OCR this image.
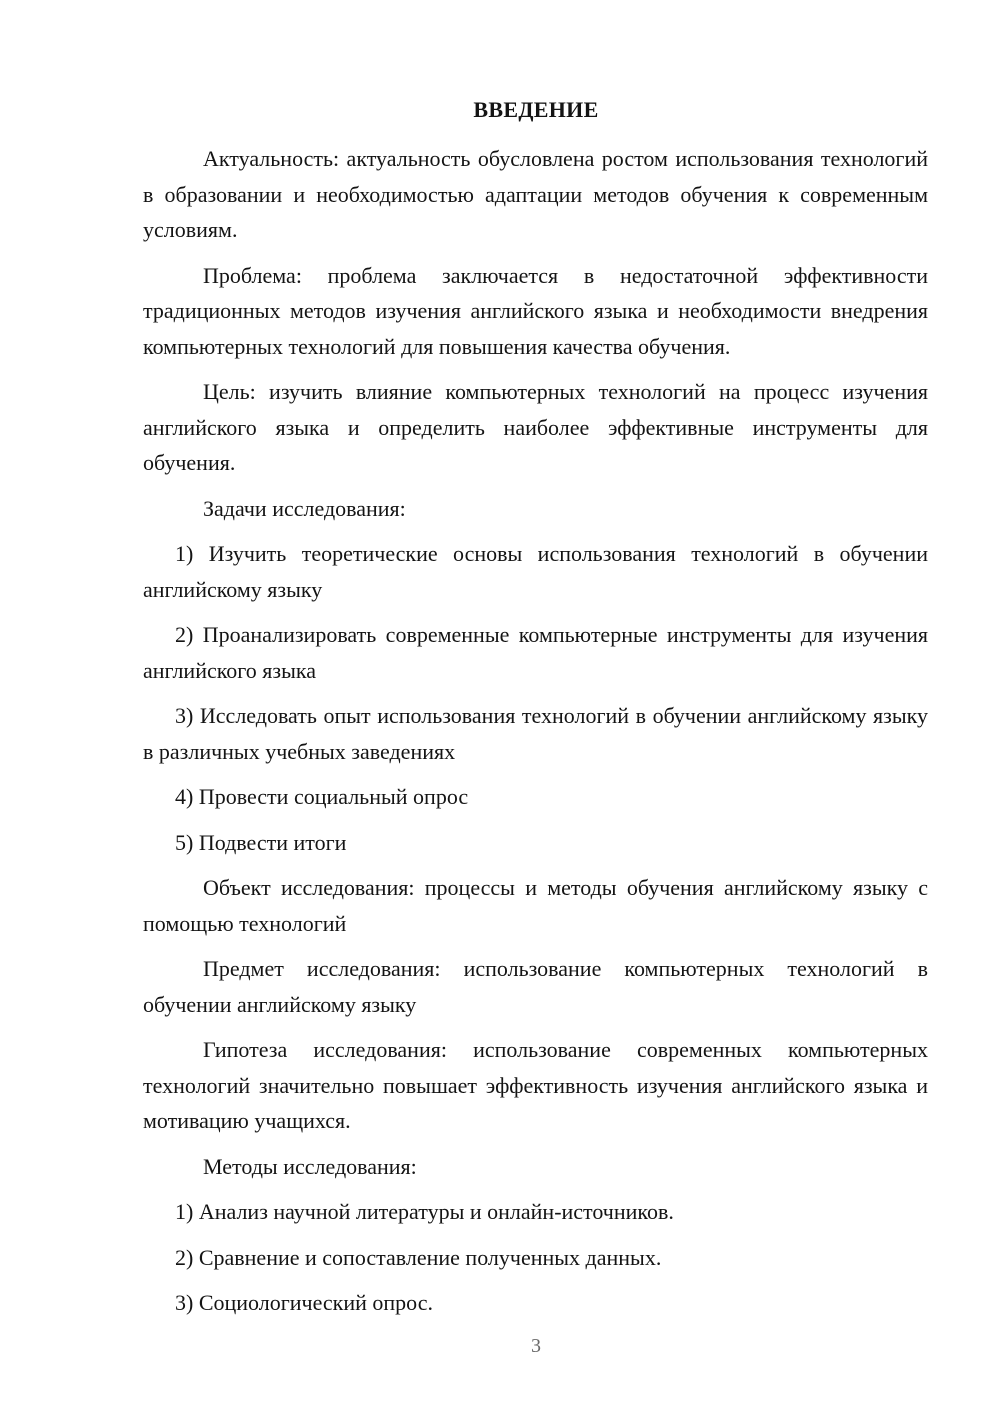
ВВЕДЕНИЕ

Актуальность: актуальность обусловлена ростом использования технологий в образовании и необходимостью адаптации методов обучения к современным условиям.

Проблема: проблема заключается в недостаточной эффективности традиционных методов изучения английского языка и необходимости внедрения компьютерных технологий для повышения качества обучения.

Цель: изучить влияние компьютерных технологий на процесс изучения английского языка и определить наиболее эффективные инструменты для обучения.

Задачи исследования:

1) Изучить теоретические основы использования технологий в обучении английскому языку

2) Проанализировать современные компьютерные инструменты для изучения английского языка

3) Исследовать опыт использования технологий в обучении английскому языку в различных учебных заведениях

4) Провести социальный опрос

5) Подвести итоги

Объект исследования: процессы и методы обучения английскому языку с помощью технологий

Предмет исследования: использование компьютерных технологий в обучении английскому языку

Гипотеза исследования: использование современных компьютерных технологий значительно повышает эффективность изучения английского языка и мотивацию учащихся.

Методы исследования:

1) Анализ научной литературы и онлайн-источников.

2) Сравнение и сопоставление полученных данных.

3) Социологический опрос.

3
